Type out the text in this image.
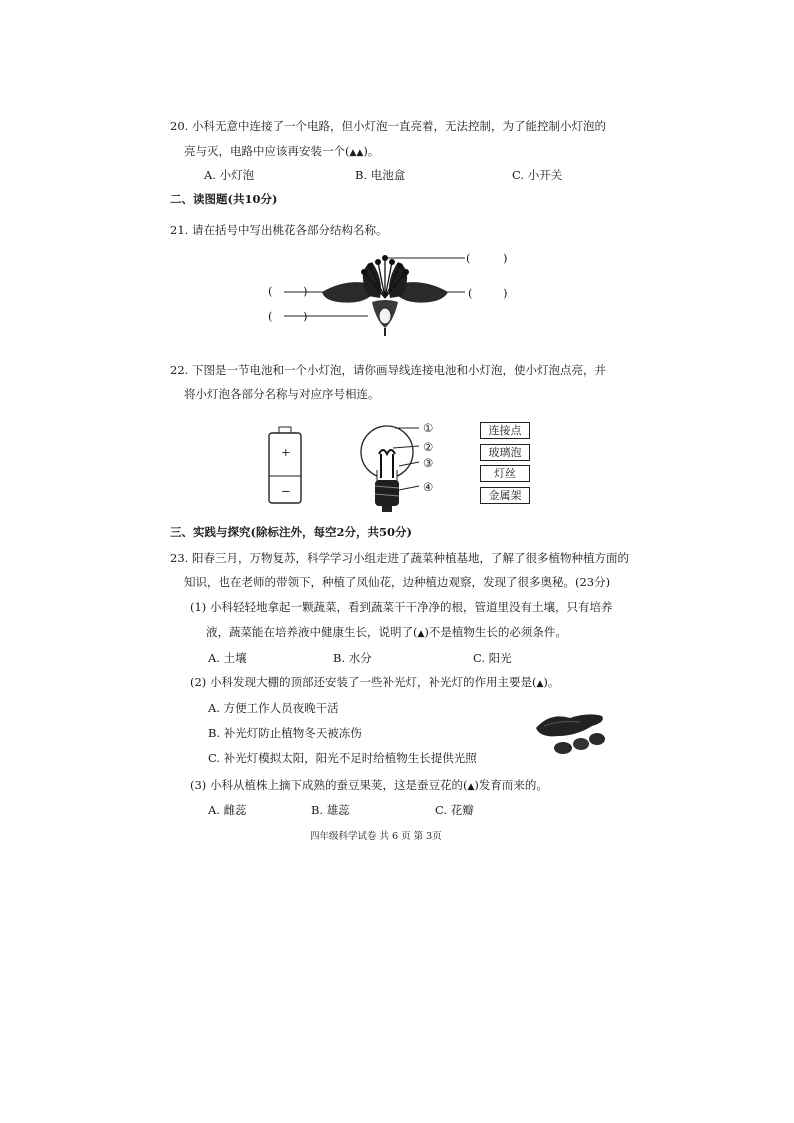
20. 小科无意中连接了一个电路，但小灯泡一直亮着，无法控制，为了能控制小灯泡的
亮与灭，电路中应该再安装一个(▲▲)。
A. 小灯泡	B. 电池盒	C. 小开关
二、读图题(共10分)
21. 请在括号中写出桃花各部分结构名称。
(	)
(	)	(	)
(	)
22. 下图是一节电池和一个小灯泡，请你画导线连接电池和小灯泡，使小灯泡点亮，并
将小灯泡各部分名称与对应序号相连。
+
−
①
②
③
④
连接点
玻璃泡
灯丝
金属架
三、实践与探究(除标注外，每空2分，共50分)
23. 阳春三月，万物复苏，科学学习小组走进了蔬菜种植基地，了解了很多植物种植方面的
知识，也在老师的带领下，种植了凤仙花，边种植边观察，发现了很多奥秘。(23分)
(1) 小科轻轻地拿起一颗蔬菜，看到蔬菜干干净净的根，管道里没有土壤，只有培养
液，蔬菜能在培养液中健康生长，说明了(▲)不是植物生长的必须条件。
A. 土壤	B. 水分	C. 阳光
(2) 小科发现大棚的顶部还安装了一些补光灯，补光灯的作用主要是(▲)。
A. 方便工作人员夜晚干活
B. 补光灯防止植物冬天被冻伤
C. 补光灯模拟太阳，阳光不足时给植物生长提供光照
(3) 小科从植株上摘下成熟的蚕豆果荚，这是蚕豆花的(▲)发育而来的。
A. 雌蕊	B. 雄蕊	C. 花瓣
四年级科学试卷 共 6 页 第 3页
